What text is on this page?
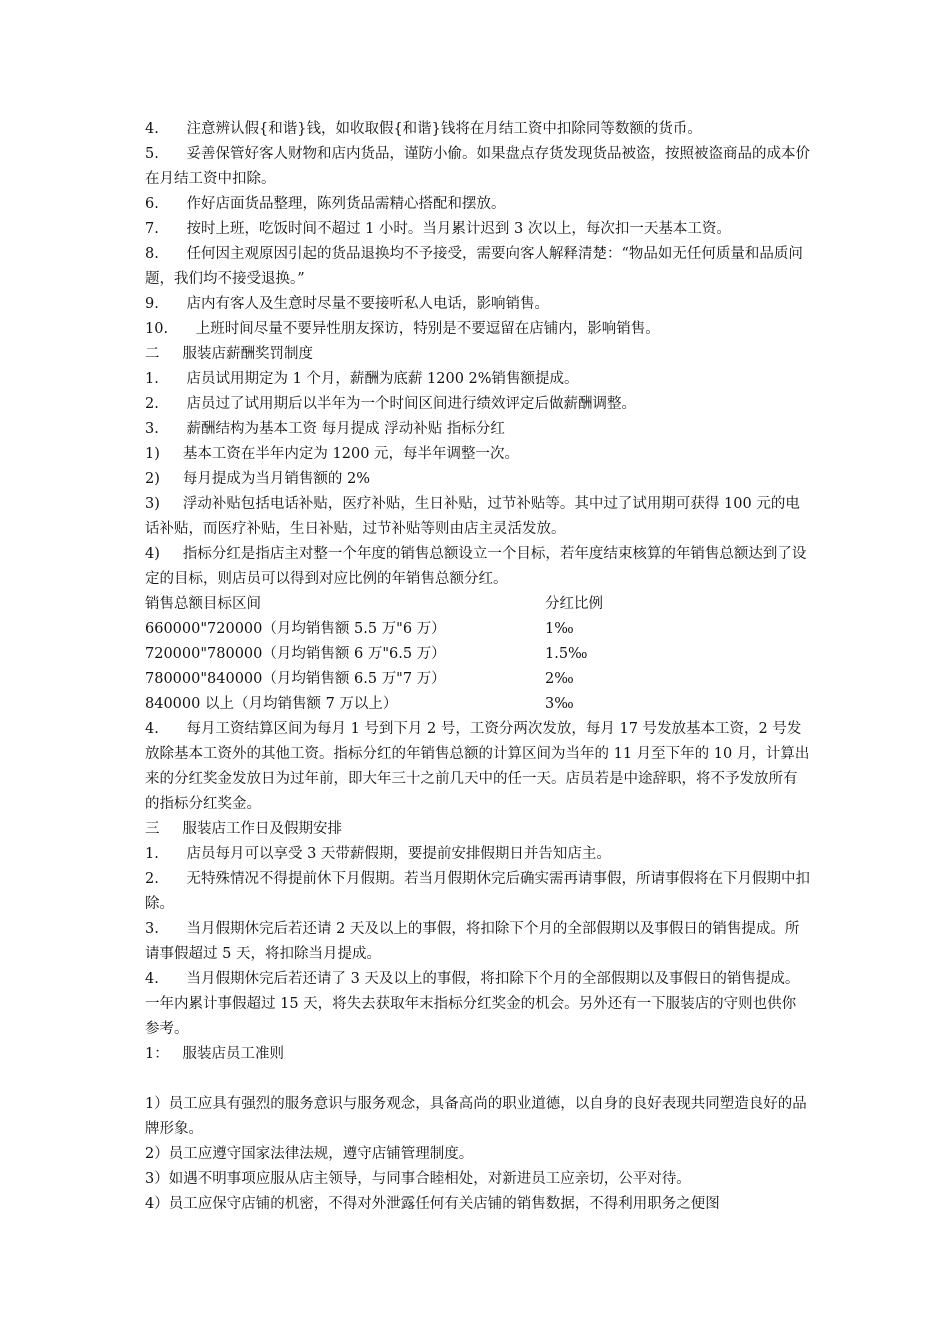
4.      注意辨认假{和谐}钱，如收取假{和谐}钱将在月结工资中扣除同等数额的货币。

5.      妥善保管好客人财物和店内货品，谨防小偷。如果盘点存货发现货品被盗，按照被盗商品的成本价在月结工资中扣除。

6.      作好店面货品整理，陈列货品需精心搭配和摆放。

7.      按时上班，吃饭时间不超过 1 小时。当月累计迟到 3 次以上，每次扣一天基本工资。

8.      任何因主观原因引起的货品退换均不予接受，需要向客人解释清楚：“物品如无任何质量和品质问题，我们均不接受退换。”

9.      店内有客人及生意时尽量不要接听私人电话，影响销售。

10.      上班时间尽量不要异性朋友探访，特别是不要逗留在店铺内，影响销售。

二     服装店薪酬奖罚制度

1.      店员试用期定为 1 个月，薪酬为底薪 1200 2%销售额提成。

2.      店员过了试用期后以半年为一个时间区间进行绩效评定后做薪酬调整。

3.      薪酬结构为基本工资 每月提成 浮动补贴 指标分红

1)     基本工资在半年内定为 1200 元，每半年调整一次。

2)     每月提成为当月销售额的 2%

3)     浮动补贴包括电话补贴，医疗补贴，生日补贴，过节补贴等。其中过了试用期可获得 100 元的电话补贴，而医疗补贴，生日补贴，过节补贴等则由店主灵活发放。

4)     指标分红是指店主对整一个年度的销售总额设立一个目标，若年度结束核算的年销售总额达到了设定的目标，则店员可以得到对应比例的年销售总额分红。

销售总额目标区间	分红比例
660000"720000（月均销售额 5.5 万"6 万）	1‰
720000"780000（月均销售额 6 万"6.5 万）	1.5‰
780000"840000（月均销售额 6.5 万"7 万）	2‰
840000 以上（月均销售额 7 万以上）	3‰

4.      每月工资结算区间为每月 1 号到下月 2 号，工资分两次发放，每月 17 号发放基本工资，2 号发放除基本工资外的其他工资。指标分红的年销售总额的计算区间为当年的 11 月至下年的 10 月，计算出来的分红奖金发放日为过年前，即大年三十之前几天中的任一天。店员若是中途辞职，将不予发放所有的指标分红奖金。

三     服装店工作日及假期安排

1.      店员每月可以享受 3 天带薪假期，要提前安排假期日并告知店主。

2.      无特殊情况不得提前休下月假期。若当月假期休完后确实需再请事假，所请事假将在下月假期中扣除。

3.      当月假期休完后若还请 2 天及以上的事假，将扣除下个月的全部假期以及事假日的销售提成。所请事假超过 5 天，将扣除当月提成。

4.      当月假期休完后若还请了 3 天及以上的事假，将扣除下个月的全部假期以及事假日的销售提成。一年内累计事假超过 15 天，将失去获取年末指标分红奖金的机会。另外还有一下服装店的守则也供你参考。

1：   服装店员工准则

1）员工应具有强烈的服务意识与服务观念，具备高尚的职业道德，以自身的良好表现共同塑造良好的品牌形象。

2）员工应遵守国家法律法规，遵守店铺管理制度。

3）如遇不明事项应服从店主领导，与同事合睦相处，对新进员工应亲切，公平对待。

4）员工应保守店铺的机密，不得对外泄露任何有关店铺的销售数据，不得利用职务之便图
